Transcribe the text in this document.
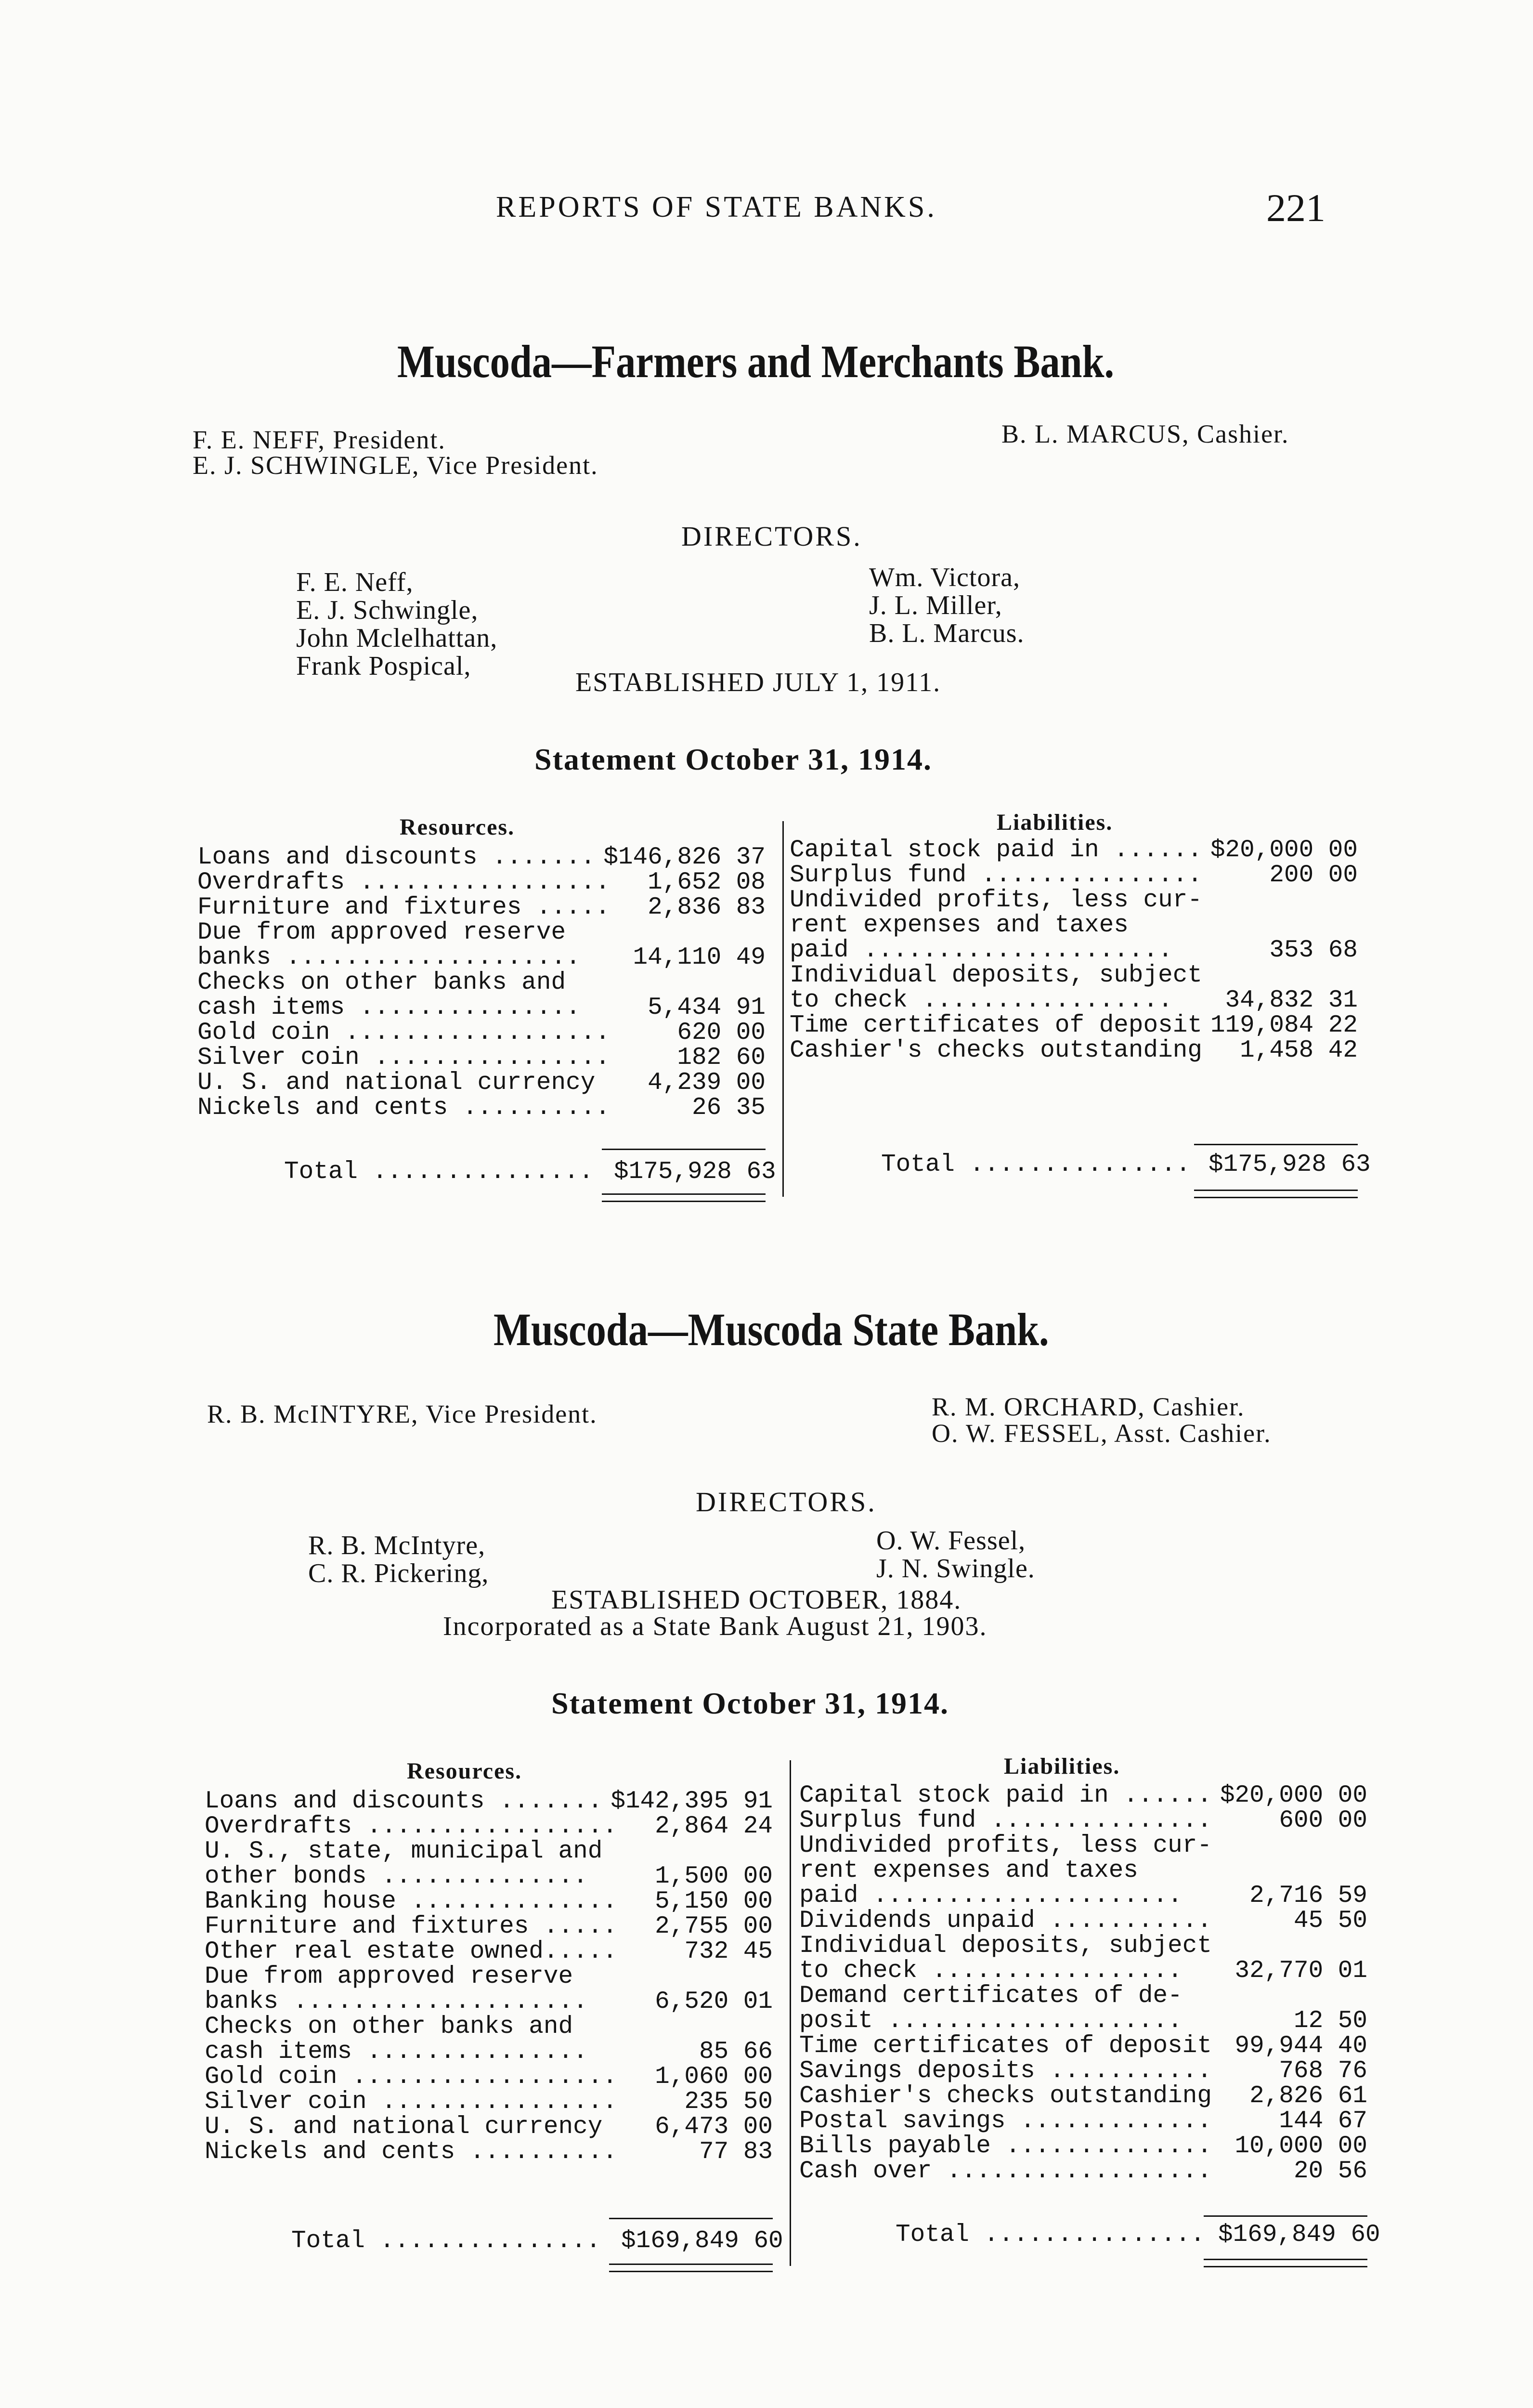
REPORTS OF STATE BANKS.	221
Muscoda—Farmers and Merchants Bank.
F. E. NEFF, President.
E. J. SCHWINGLE, Vice President.
B. L. MARCUS, Cashier.
DIRECTORS.
F. E. Neff,
E. J. Schwingle,
John Mclelhattan,
Frank Pospical,
Wm. Victora,
J. L. Miller,
B. L. Marcus.
ESTABLISHED JULY 1, 1911.
Statement October 31, 1914.
Resources.	Liabilities.
Loans and discounts ....... $146,826 37
Overdrafts ................. 1,652 08
Furniture and fixtures ..... 2,836 83
Due from approved reserve
banks .................... 14,110 49
Checks on other banks and
cash items ...............	5,434 91
Gold coin ..................	620 00
Silver coin ................	182 60
U. S. and national currency 4,239 00
Nickels and cents ..........	26 35
Capital stock paid in ...... $20,000 00
Surplus fund ...............	200 00
Undivided profits, less cur-
rent expenses and taxes
paid .....................	353 68
Individual deposits, subject
to check ................. 34,832 31
Time certificates of deposit 119,084 22
Cashier's checks outstanding 1,458 42
Total ............... $175,928 63	Total ............... $175,928 63
Muscoda—Muscoda State Bank.
R. B. McINTYRE, Vice President.	R. M. ORCHARD, Cashier.
O. W. FESSEL, Asst. Cashier.
DIRECTORS.
R. B. McIntyre,
C. R. Pickering,
O. W. Fessel,
J. N. Swingle.
ESTABLISHED OCTOBER, 1884.
Incorporated as a State Bank August 21, 1903.
Statement October 31, 1914.
Resources.	Liabilities.
Loans and discounts ....... $142,395 91
Overdrafts ................. 2,864 24
U. S., state, municipal and
other bonds ..............	1,500 00
Banking house .............. 5,150 00
Furniture and fixtures ..... 2,755 00
Other real estate owned.....	732 45
Due from approved reserve
banks ....................	6,520 01
Checks on other banks and
cash items ...............	85 66
Gold coin .................. 1,060 00
Silver coin ................	235 50
U. S. and national currency 6,473 00
Nickels and cents ..........	77 83
Capital stock paid in ...... $20,000 00
Surplus fund ...............	600 00
Undivided profits, less cur-
rent expenses and taxes
paid .....................	2,716 59
Dividends unpaid ...........	45 50
Individual deposits, subject
to check ................. 32,770 01
Demand certificates of de-
posit ....................	12 50
Time certificates of deposit 99,944 40
Savings deposits ...........	768 76
Cashier's checks outstanding 2,826 61
Postal savings .............	144 67
Bills payable .............. 10,000 00
Cash over ..................	20 56
Total ............... $169,849 60	Total ............... $169,849 60
